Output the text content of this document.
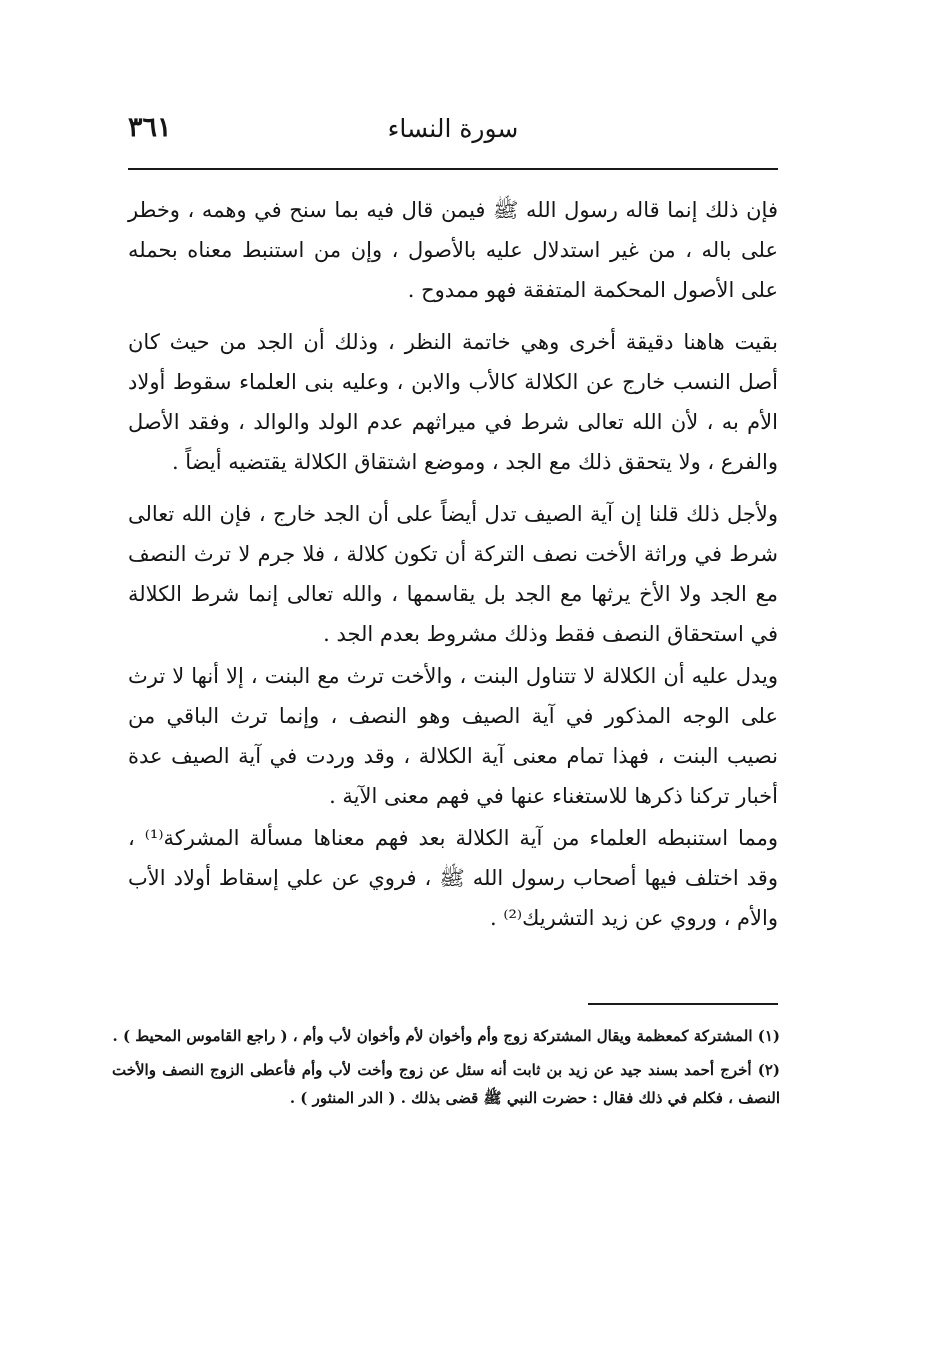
٣٦١	سورة النساء

فإن ذلك إنما قاله رسول الله ﷺ فيمن قال فيه بما سنح في وهمه ، وخطر على باله ، من غير استدلال عليه بالأصول ، وإن من استنبط معناه بحمله على الأصول المحكمة المتفقة فهو ممدوح .

بقيت هاهنا دقيقة أخرى وهي خاتمة النظر ، وذلك أن الجد من حيث كان أصل النسب خارج عن الكلالة كالأب والابن ، وعليه بنى العلماء سقوط أولاد الأم به ، لأن الله تعالى شرط في ميراثهم عدم الولد والوالد ، وفقد الأصل والفرع ، ولا يتحقق ذلك مع الجد ، وموضع اشتقاق الكلالة يقتضيه أيضاً .

ولأجل ذلك قلنا إن آية الصيف تدل أيضاً على أن الجد خارج ، فإن الله تعالى شرط في وراثة الأخت نصف التركة أن تكون كلالة ، فلا جرم لا ترث النصف مع الجد ولا الأخ يرثها مع الجد بل يقاسمها ، والله تعالى إنما شرط الكلالة في استحقاق النصف فقط وذلك مشروط بعدم الجد .

ويدل عليه أن الكلالة لا تتناول البنت ، والأخت ترث مع البنت ، إلا أنها لا ترث على الوجه المذكور في آية الصيف وهو النصف ، وإنما ترث الباقي من نصيب البنت ، فهذا تمام معنى آية الكلالة ، وقد وردت في آية الصيف عدة أخبار تركنا ذكرها للاستغناء عنها في فهم معنى الآية .

ومما استنبطه العلماء من آية الكلالة بعد فهم معناها مسألة المشركة⁽¹⁾ ، وقد اختلف فيها أصحاب رسول الله ﷺ ، فروي عن علي إسقاط أولاد الأب والأم ، وروي عن زيد التشريك⁽²⁾ .

(١) المشتركة كمعظمة ويقال المشتركة زوج وأم وأخوان لأم وأخوان لأب وأم ، ( راجع القاموس المحيط ) .

(٢) أخرج أحمد بسند جيد عن زيد بن ثابت أنه سئل عن زوج وأخت لأب وأم فأعطى الزوج النصف والأخت النصف ، فكلم في ذلك فقال : حضرت النبي ﷺ قضى بذلك . ( الدر المنثور ) .
